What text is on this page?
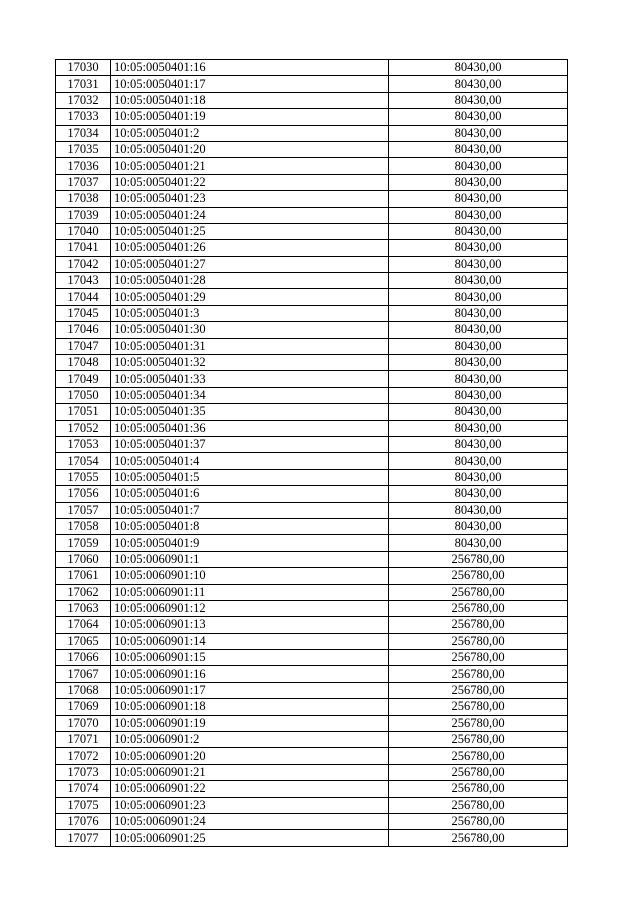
17030	10:05:0050401:16	80430,00
17031	10:05:0050401:17	80430,00
17032	10:05:0050401:18	80430,00
17033	10:05:0050401:19	80430,00
17034	10:05:0050401:2	80430,00
17035	10:05:0050401:20	80430,00
17036	10:05:0050401:21	80430,00
17037	10:05:0050401:22	80430,00
17038	10:05:0050401:23	80430,00
17039	10:05:0050401:24	80430,00
17040	10:05:0050401:25	80430,00
17041	10:05:0050401:26	80430,00
17042	10:05:0050401:27	80430,00
17043	10:05:0050401:28	80430,00
17044	10:05:0050401:29	80430,00
17045	10:05:0050401:3	80430,00
17046	10:05:0050401:30	80430,00
17047	10:05:0050401:31	80430,00
17048	10:05:0050401:32	80430,00
17049	10:05:0050401:33	80430,00
17050	10:05:0050401:34	80430,00
17051	10:05:0050401:35	80430,00
17052	10:05:0050401:36	80430,00
17053	10:05:0050401:37	80430,00
17054	10:05:0050401:4	80430,00
17055	10:05:0050401:5	80430,00
17056	10:05:0050401:6	80430,00
17057	10:05:0050401:7	80430,00
17058	10:05:0050401:8	80430,00
17059	10:05:0050401:9	80430,00
17060	10:05:0060901:1	256780,00
17061	10:05:0060901:10	256780,00
17062	10:05:0060901:11	256780,00
17063	10:05:0060901:12	256780,00
17064	10:05:0060901:13	256780,00
17065	10:05:0060901:14	256780,00
17066	10:05:0060901:15	256780,00
17067	10:05:0060901:16	256780,00
17068	10:05:0060901:17	256780,00
17069	10:05:0060901:18	256780,00
17070	10:05:0060901:19	256780,00
17071	10:05:0060901:2	256780,00
17072	10:05:0060901:20	256780,00
17073	10:05:0060901:21	256780,00
17074	10:05:0060901:22	256780,00
17075	10:05:0060901:23	256780,00
17076	10:05:0060901:24	256780,00
17077	10:05:0060901:25	256780,00
